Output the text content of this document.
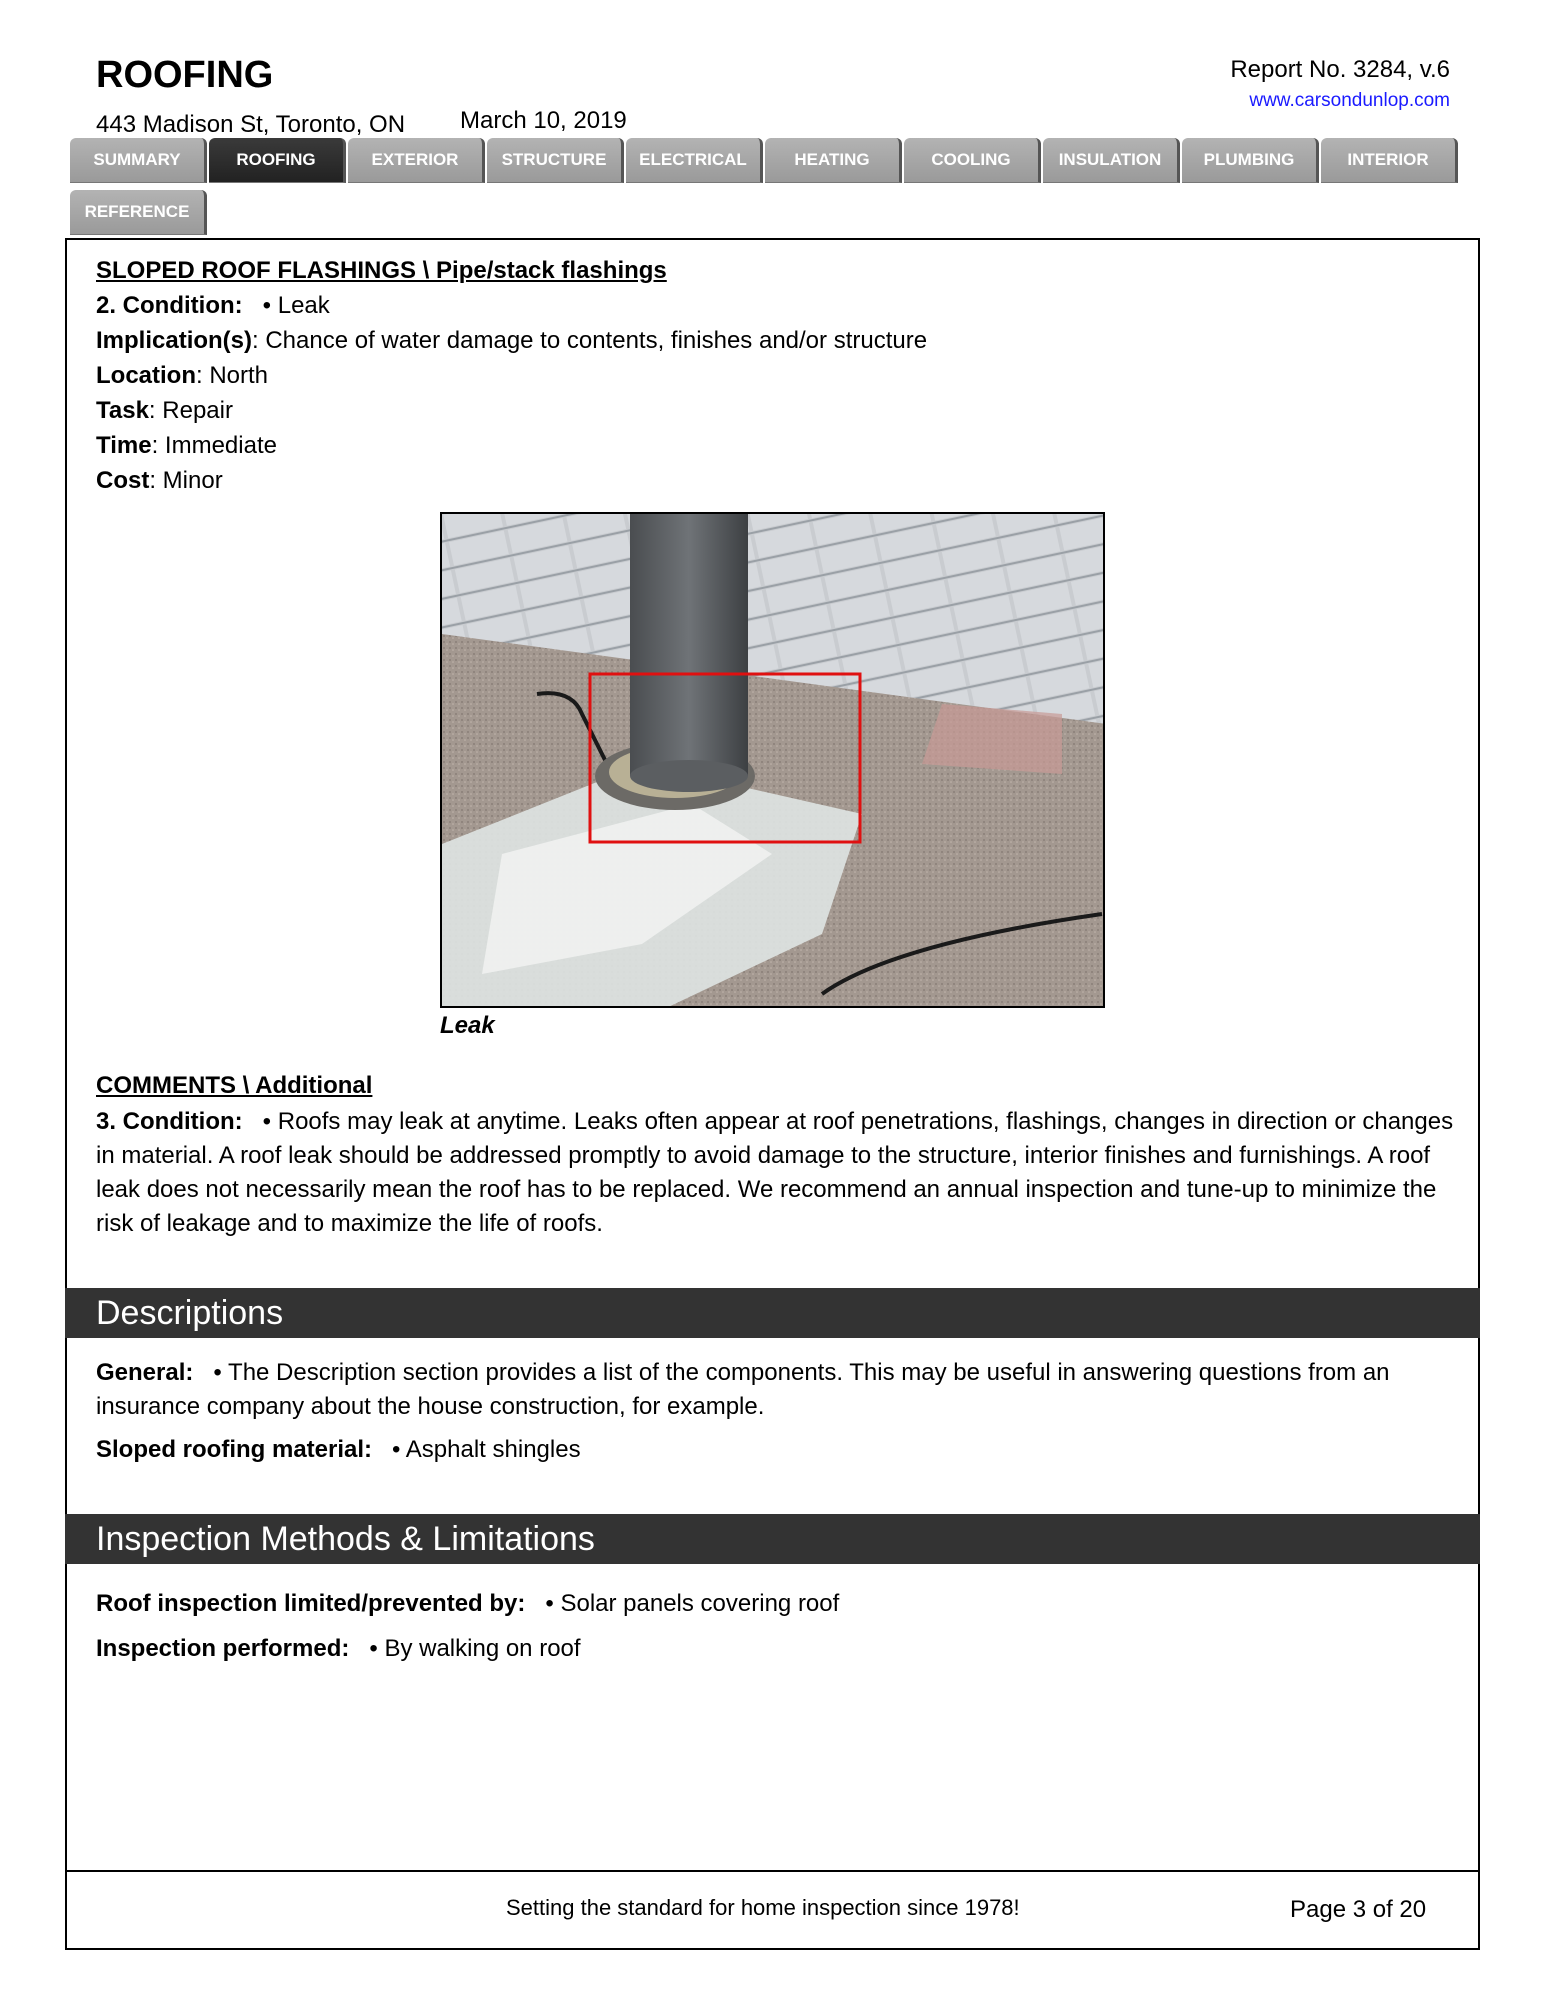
ROOFING
443 Madison St, Toronto, ON March 10, 2019
Report No. 3284, v.6
www.carsondunlop.com
SUMMARY	ROOFING	EXTERIOR	STRUCTURE	ELECTRICAL	HEATING	COOLING	INSULATION	PLUMBING	INTERIOR
REFERENCE
SLOPED ROOF FLASHINGS \ Pipe/stack flashings
2. Condition:   • Leak
Implication(s): Chance of water damage to contents, finishes and/or structure
Location: North
Task: Repair
Time: Immediate
Cost: Minor
Leak
COMMENTS \ Additional
3. Condition:   • Roofs may leak at anytime. Leaks often appear at roof penetrations, flashings, changes in direction or changes in material. A roof leak should be addressed promptly to avoid damage to the structure, interior finishes and furnishings. A roof leak does not necessarily mean the roof has to be replaced. We recommend an annual inspection and tune-up to minimize the risk of leakage and to maximize the life of roofs.
Descriptions
General:   • The Description section provides a list of the components. This may be useful in answering questions from an insurance company about the house construction, for example.
Sloped roofing material:   • Asphalt shingles
Inspection Methods & Limitations
Roof inspection limited/prevented by:   • Solar panels covering roof
Inspection performed:   • By walking on roof
Setting the standard for home inspection since 1978!	Page 3 of 20
